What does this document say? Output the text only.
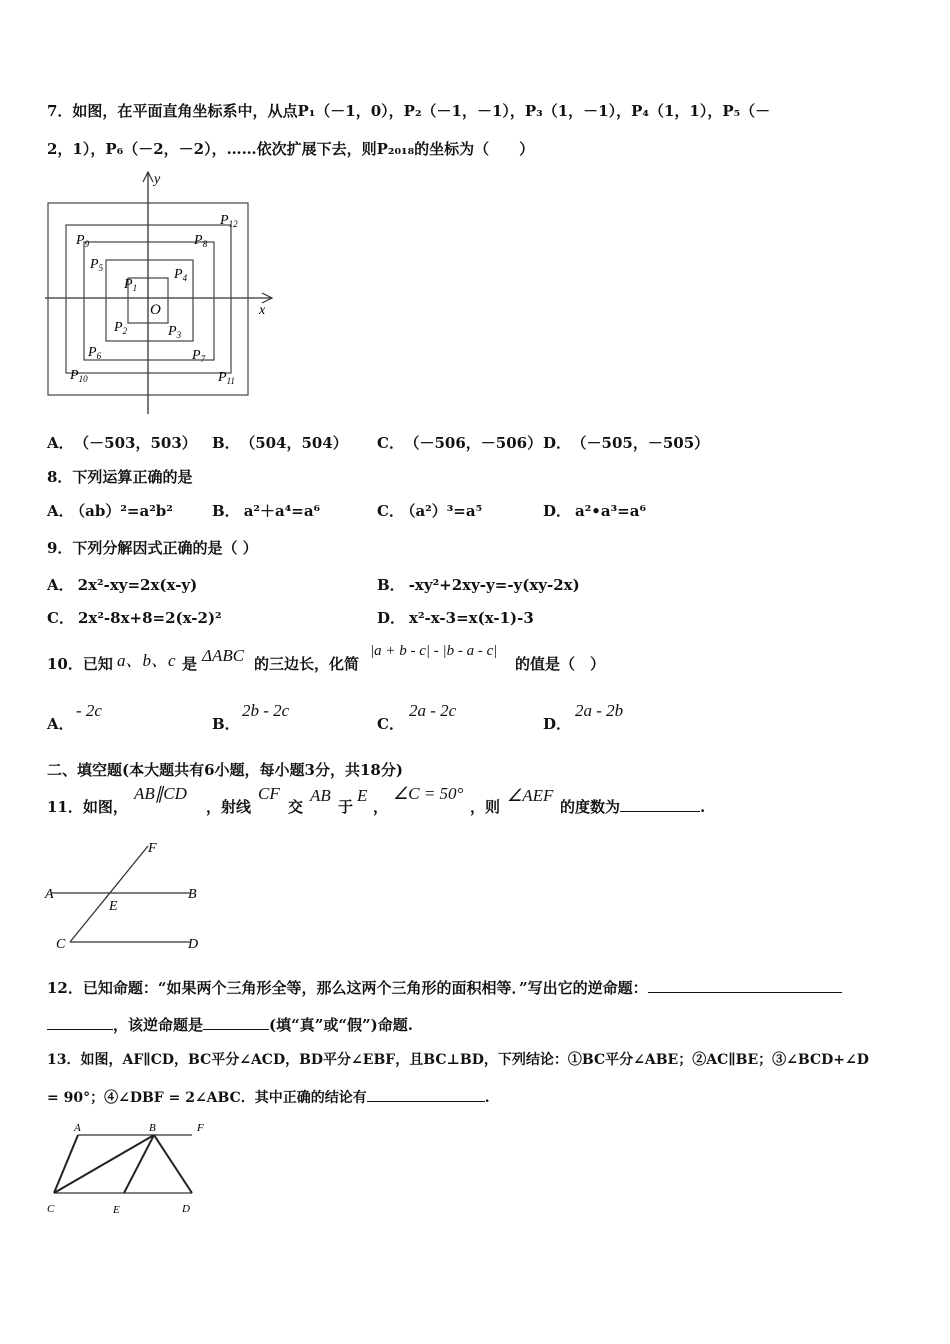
7．如图，在平面直角坐标系中，从点P₁（－1，0），P₂（－1，－1），P₃（1，－1），P₄（1，1），P₅（－
2，1），P₆（－2，－2），……依次扩展下去，则P₂₀₁₈的坐标为（　　）
y
x
O
$P_1$
$P_2$	$P_3$
$P_4$
$P_5$
$P_6$	$P_7$
$P_8$
$P_9$
$P_{10}$	$P_{11}$
$P_{12}$
A． （－503，503） B． （504，504） C． （－506，－506） D． （－505，－505）
8．下列运算正确的是
A． （ab）²=a²b²	B． a²＋a⁴=a⁶	C． （a²）³=a⁵	D． a²•a³=a⁶
9．下列分解因式正确的是（ ）
A． 2x²-xy=2x(x-y)	B． -xy²+2xy-y=-y(xy-2x)
C． 2x²-8x+8=2(x-2)²	D． x²-x-3=x(x-1)-3
10．已知 a、b、c 是 ΔABC 的三边长，化简
|a + b - c| - |b - a - c|
的值是（　）
A．
- 2c
B．
2b - 2c
C．
2a - 2c
D．
2a - 2b
二、填空题(本大题共有6小题，每小题3分，共18分)
11．如图，
AB∥CD
，射线
CF
交
AB
于
E
，
∠C = 50°
，则
∠AEF
的度数为	.
F
A	B
E
C	D
12．已知命题：“如果两个三角形全等，那么这两个三角形的面积相等．”写出它的逆命题：
，该逆命题是	(填“真”或“假”)命题.
13．如图，AF∥CD，BC平分∠ACD，BD平分∠EBF，且BC⊥BD，下列结论：①BC平分∠ABE；②AC∥BE；③∠BCD+∠D
= 90°；④∠DBF = 2∠ABC．其中正确的结论有	.
A	B	F
C	E	D
